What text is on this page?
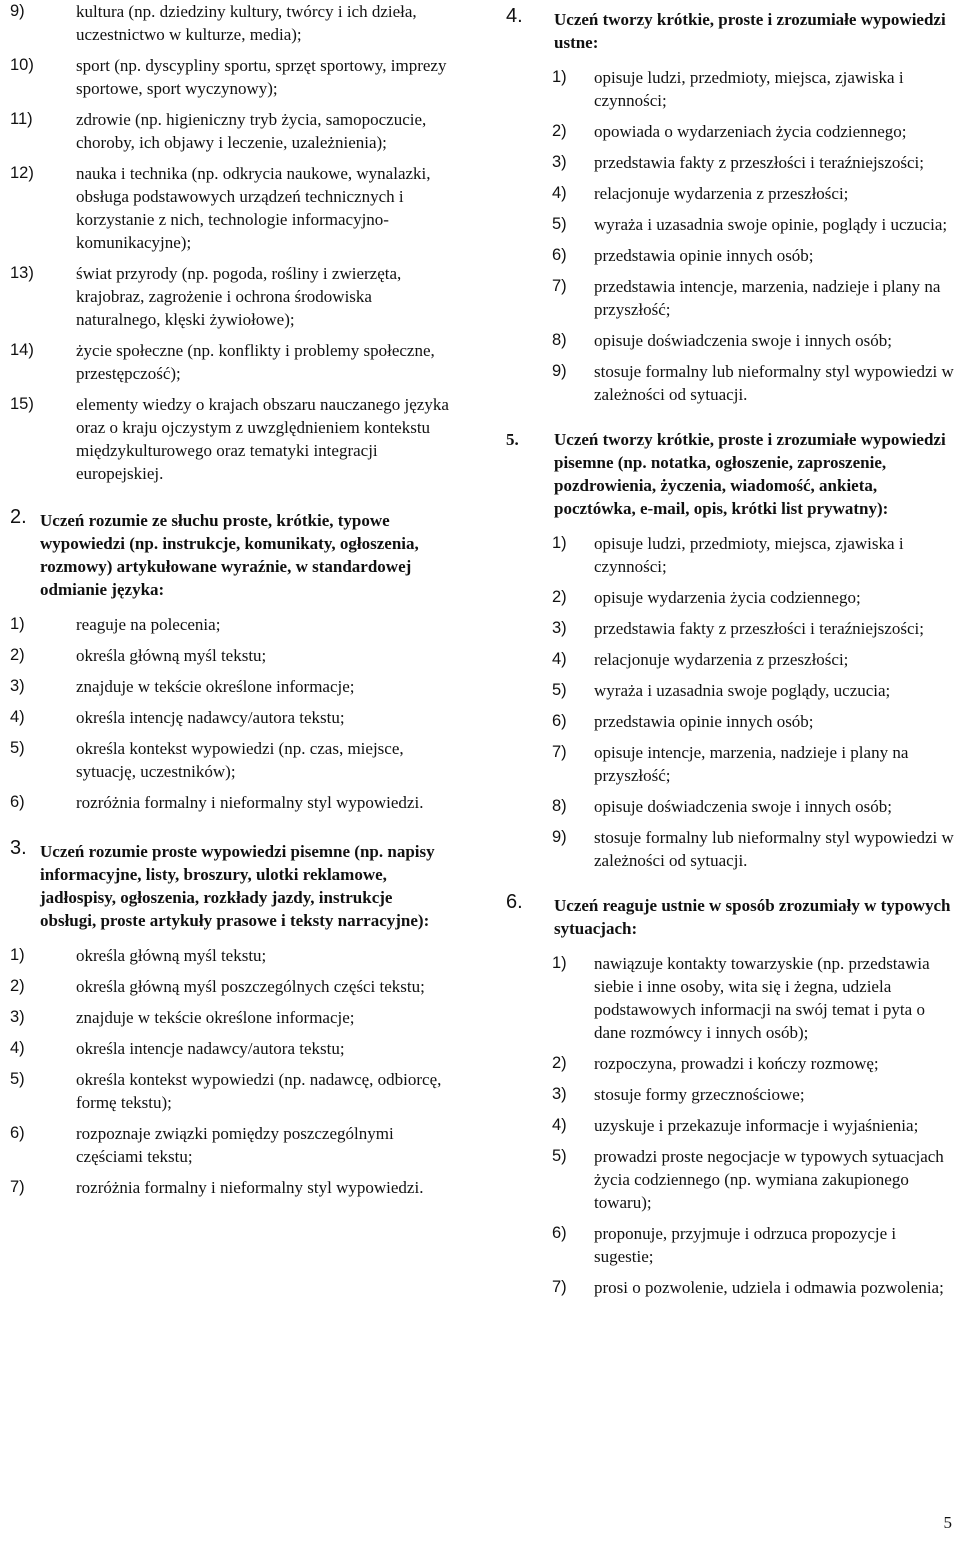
9)	kultura (np. dziedziny kultury, twórcy i ich dzieła, uczestnictwo w kulturze, media);
10)	sport (np. dyscypliny sportu, sprzęt sportowy, imprezy sportowe, sport wyczynowy);
11)	zdrowie (np. higieniczny tryb życia, samopoczucie, choroby, ich objawy i leczenie, uzależnienia);
12)	nauka i technika (np. odkrycia naukowe, wynalazki, obsługa podstawowych urządzeń technicznych i korzystanie z nich, technologie informacyjno-komunikacyjne);
13)	świat przyrody (np. pogoda, rośliny i zwierzęta, krajobraz, zagrożenie i ochrona środowiska naturalnego, klęski żywiołowe);
14)	życie społeczne (np. konflikty i problemy społeczne, przestępczość);
15)	elementy wiedzy o krajach obszaru nauczanego języka oraz o kraju ojczystym z uwzględnieniem kontekstu międzykulturowego oraz tematyki integracji europejskiej.
2. Uczeń rozumie ze słuchu proste, krótkie, typowe wypowiedzi (np. instrukcje, komunikaty, ogłoszenia, rozmowy) artykułowane wyraźnie, w standardowej odmianie języka:
1)	reaguje na polecenia;
2)	określa główną myśl tekstu;
3)	znajduje w tekście określone informacje;
4)	określa intencję nadawcy/autora tekstu;
5)	określa kontekst wypowiedzi (np. czas, miejsce, sytuację, uczestników);
6)	rozróżnia formalny i nieformalny styl wypowiedzi.
3. Uczeń rozumie proste wypowiedzi pisemne (np. napisy informacyjne, listy, broszury, ulotki reklamowe, jadłospisy, ogłoszenia, rozkłady jazdy, instrukcje obsługi, proste artykuły prasowe i teksty narracyjne):
1)	określa główną myśl tekstu;
2)	określa główną myśl poszczególnych części tekstu;
3)	znajduje w tekście określone informacje;
4)	określa intencje nadawcy/autora tekstu;
5)	określa kontekst wypowiedzi (np. nadawcę, odbiorcę, formę tekstu);
6)	rozpoznaje związki pomiędzy poszczególnymi częściami tekstu;
7)	rozróżnia formalny i nieformalny styl wypowiedzi.
4. Uczeń tworzy krótkie, proste i zrozumiałe wypowiedzi ustne:
1)	opisuje ludzi, przedmioty, miejsca, zjawiska i czynności;
2)	opowiada o wydarzeniach życia codziennego;
3)	przedstawia fakty z przeszłości i teraźniejszości;
4)	relacjonuje wydarzenia z przeszłości;
5)	wyraża i uzasadnia swoje opinie, poglądy i uczucia;
6)	przedstawia opinie innych osób;
7)	przedstawia intencje, marzenia, nadzieje i plany na przyszłość;
8)	opisuje doświadczenia swoje i innych osób;
9)	stosuje formalny lub nieformalny styl wypowiedzi w zależności od sytuacji.
5. Uczeń tworzy krótkie, proste i zrozumiałe wypowiedzi pisemne (np. notatka, ogłoszenie, zaproszenie, pozdrowienia, życzenia, wiadomość, ankieta, pocztówka, e-mail, opis, krótki list prywatny):
1)	opisuje ludzi, przedmioty, miejsca, zjawiska i czynności;
2)	opisuje wydarzenia życia codziennego;
3)	przedstawia fakty z przeszłości i teraźniejszości;
4)	relacjonuje wydarzenia z przeszłości;
5)	wyraża i uzasadnia swoje poglądy, uczucia;
6)	przedstawia opinie innych osób;
7)	opisuje intencje, marzenia, nadzieje i plany na przyszłość;
8)	opisuje doświadczenia swoje i innych osób;
9)	stosuje formalny lub nieformalny styl wypowiedzi w zależności od sytuacji.
6. Uczeń reaguje ustnie w sposób zrozumiały w typowych sytuacjach:
1)	nawiązuje kontakty towarzyskie (np. przedstawia siebie i inne osoby, wita się i żegna, udziela podstawowych informacji na swój temat i pyta o dane rozmówcy i innych osób);
2)	rozpoczyna, prowadzi i kończy rozmowę;
3)	stosuje formy grzecznościowe;
4)	uzyskuje i przekazuje informacje i wyjaśnienia;
5)	prowadzi proste negocjacje w typowych sytuacjach życia codziennego (np. wymiana zakupionego towaru);
6)	proponuje, przyjmuje i odrzuca propozycje i sugestie;
7)	prosi o pozwolenie, udziela i odmawia pozwolenia;
5
